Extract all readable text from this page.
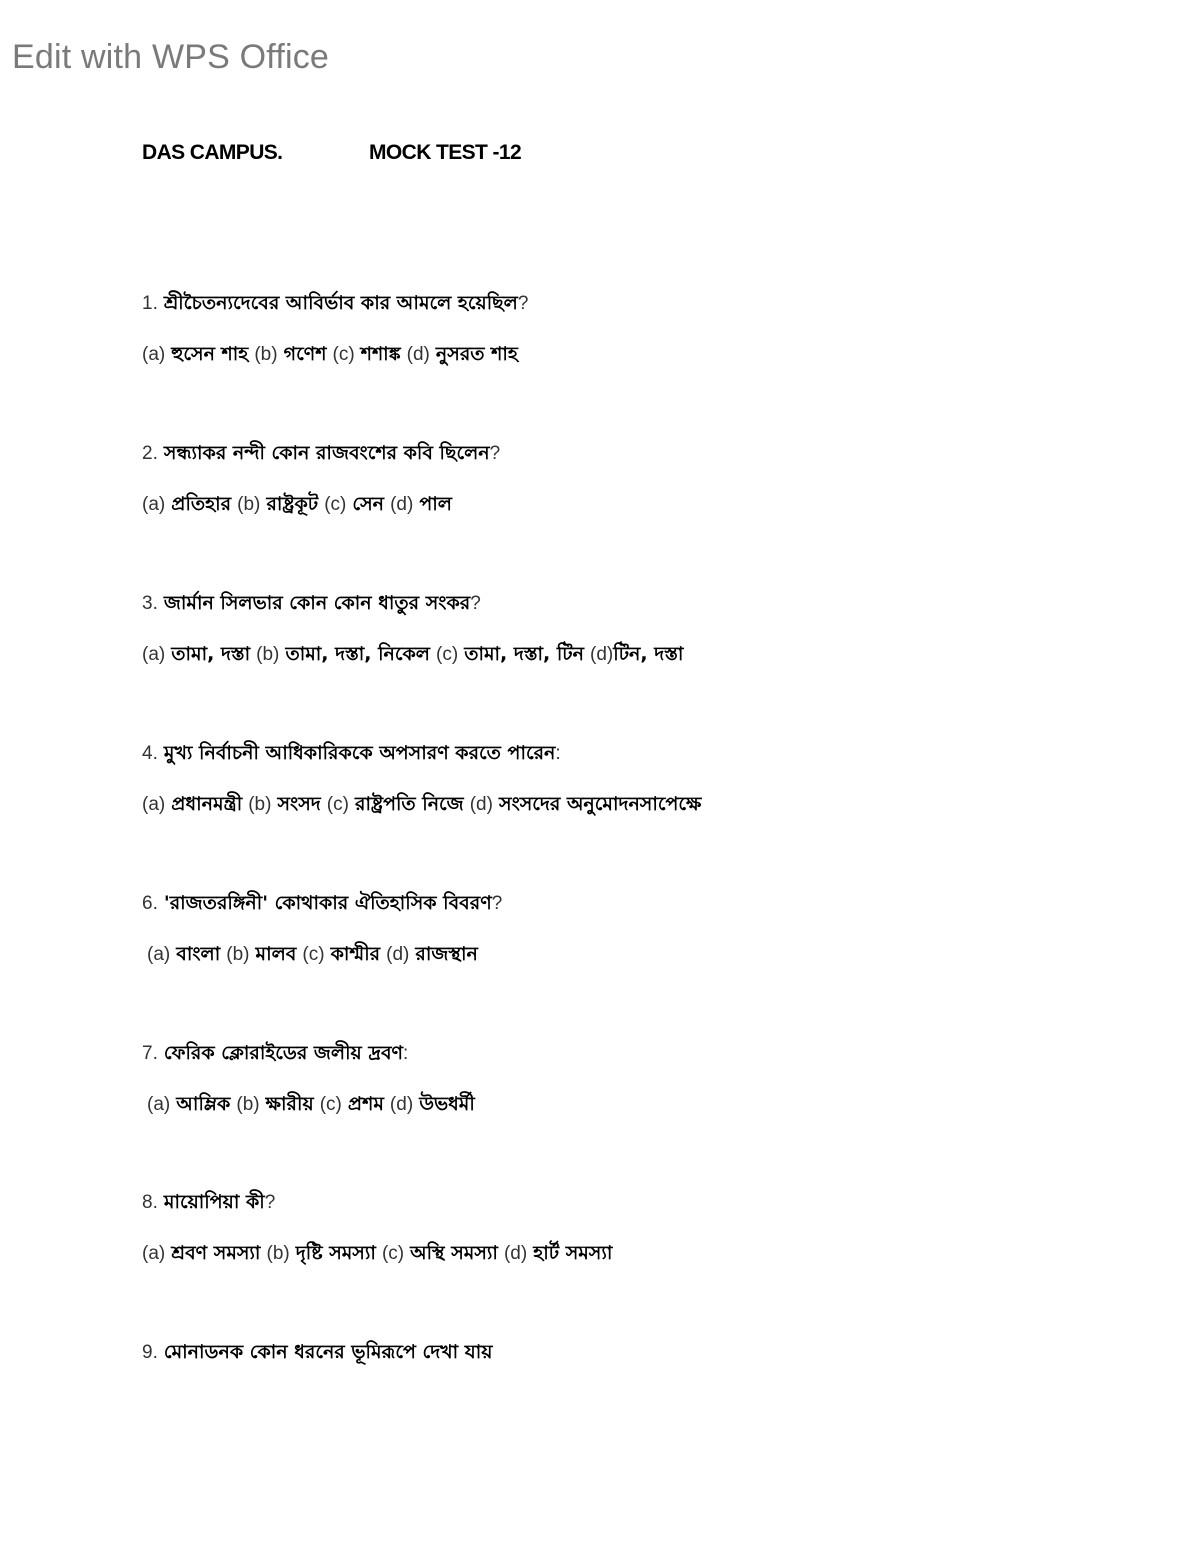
Edit with WPS Office
DAS CAMPUS.	MOCK TEST -12
1. শ্রীচৈতন্যদেবের আবির্ভাব কার আমলে হয়েছিল?
(a) হুসেন শাহ (b) গণেশ (c) শশাঙ্ক (d) নুসরত শাহ
2. সন্ধ্যাকর নন্দী কোন রাজবংশের কবি ছিলেন?
(a) প্রতিহার (b) রাষ্ট্রকূট (c) সেন (d) পাল
3. জার্মান সিলভার কোন কোন ধাতুর সংকর?
(a) তামা, দস্তা (b) তামা, দস্তা, নিকেল (c) তামা, দস্তা, টিন (d)টিন, দস্তা
4. মুখ্য নির্বাচনী আধিকারিককে অপসারণ করতে পারেন:
(a) প্রধানমন্ত্রী (b) সংসদ (c) রাষ্ট্রপতি নিজে (d) সংসদের অনুমোদনসাপেক্ষে
6. 'রাজতরঙ্গিনী' কোথাকার ঐতিহাসিক বিবরণ?
(a) বাংলা (b) মালব (c) কাশ্মীর (d) রাজস্থান
7. ফেরিক ক্লোরাইডের জলীয় দ্রবণ:
(a) আম্লিক (b) ক্ষারীয় (c) প্রশম (d) উভধর্মী
8. মায়োপিয়া কী?
(a) শ্রবণ সমস্যা (b) দৃষ্টি সমস্যা (c) অস্থি সমস্যা (d) হার্ট সমস্যা
9. মোনাডনক কোন ধরনের ভূমিরূপে দেখা যায়
